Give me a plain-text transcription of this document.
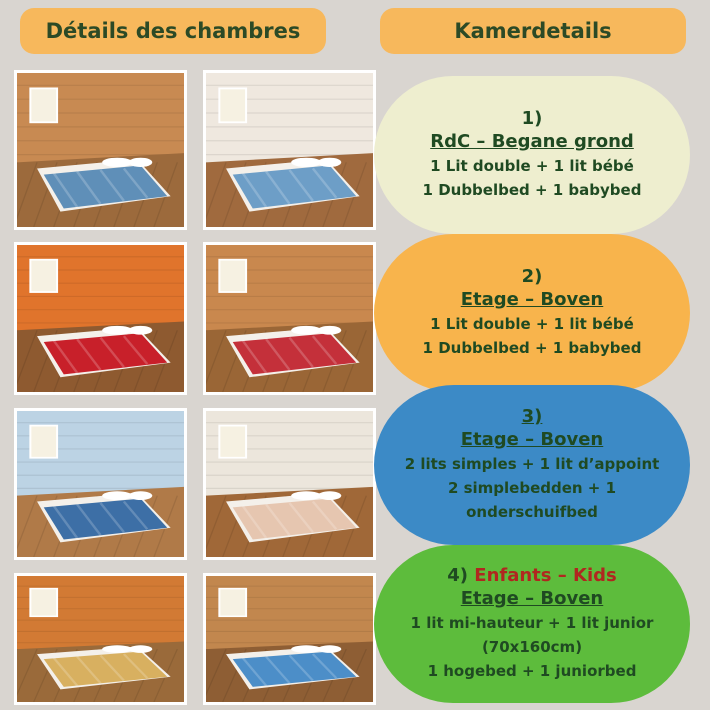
Détails des chambres	Kamerdetails
1)
RdC – Begane grond
1 Lit double + 1 lit bébé
1 Dubbelbed + 1 babybed
2)
Etage – Boven
1 Lit double + 1 lit bébé
1 Dubbelbed + 1 babybed
3)
Etage – Boven
2 lits simples + 1 lit d’appoint
2 simplebedden + 1
onderschuifbed
4) Enfants – Kids
Etage – Boven
1 lit mi-hauteur + 1 lit junior
(70x160cm)
1 hogebed + 1 juniorbed
